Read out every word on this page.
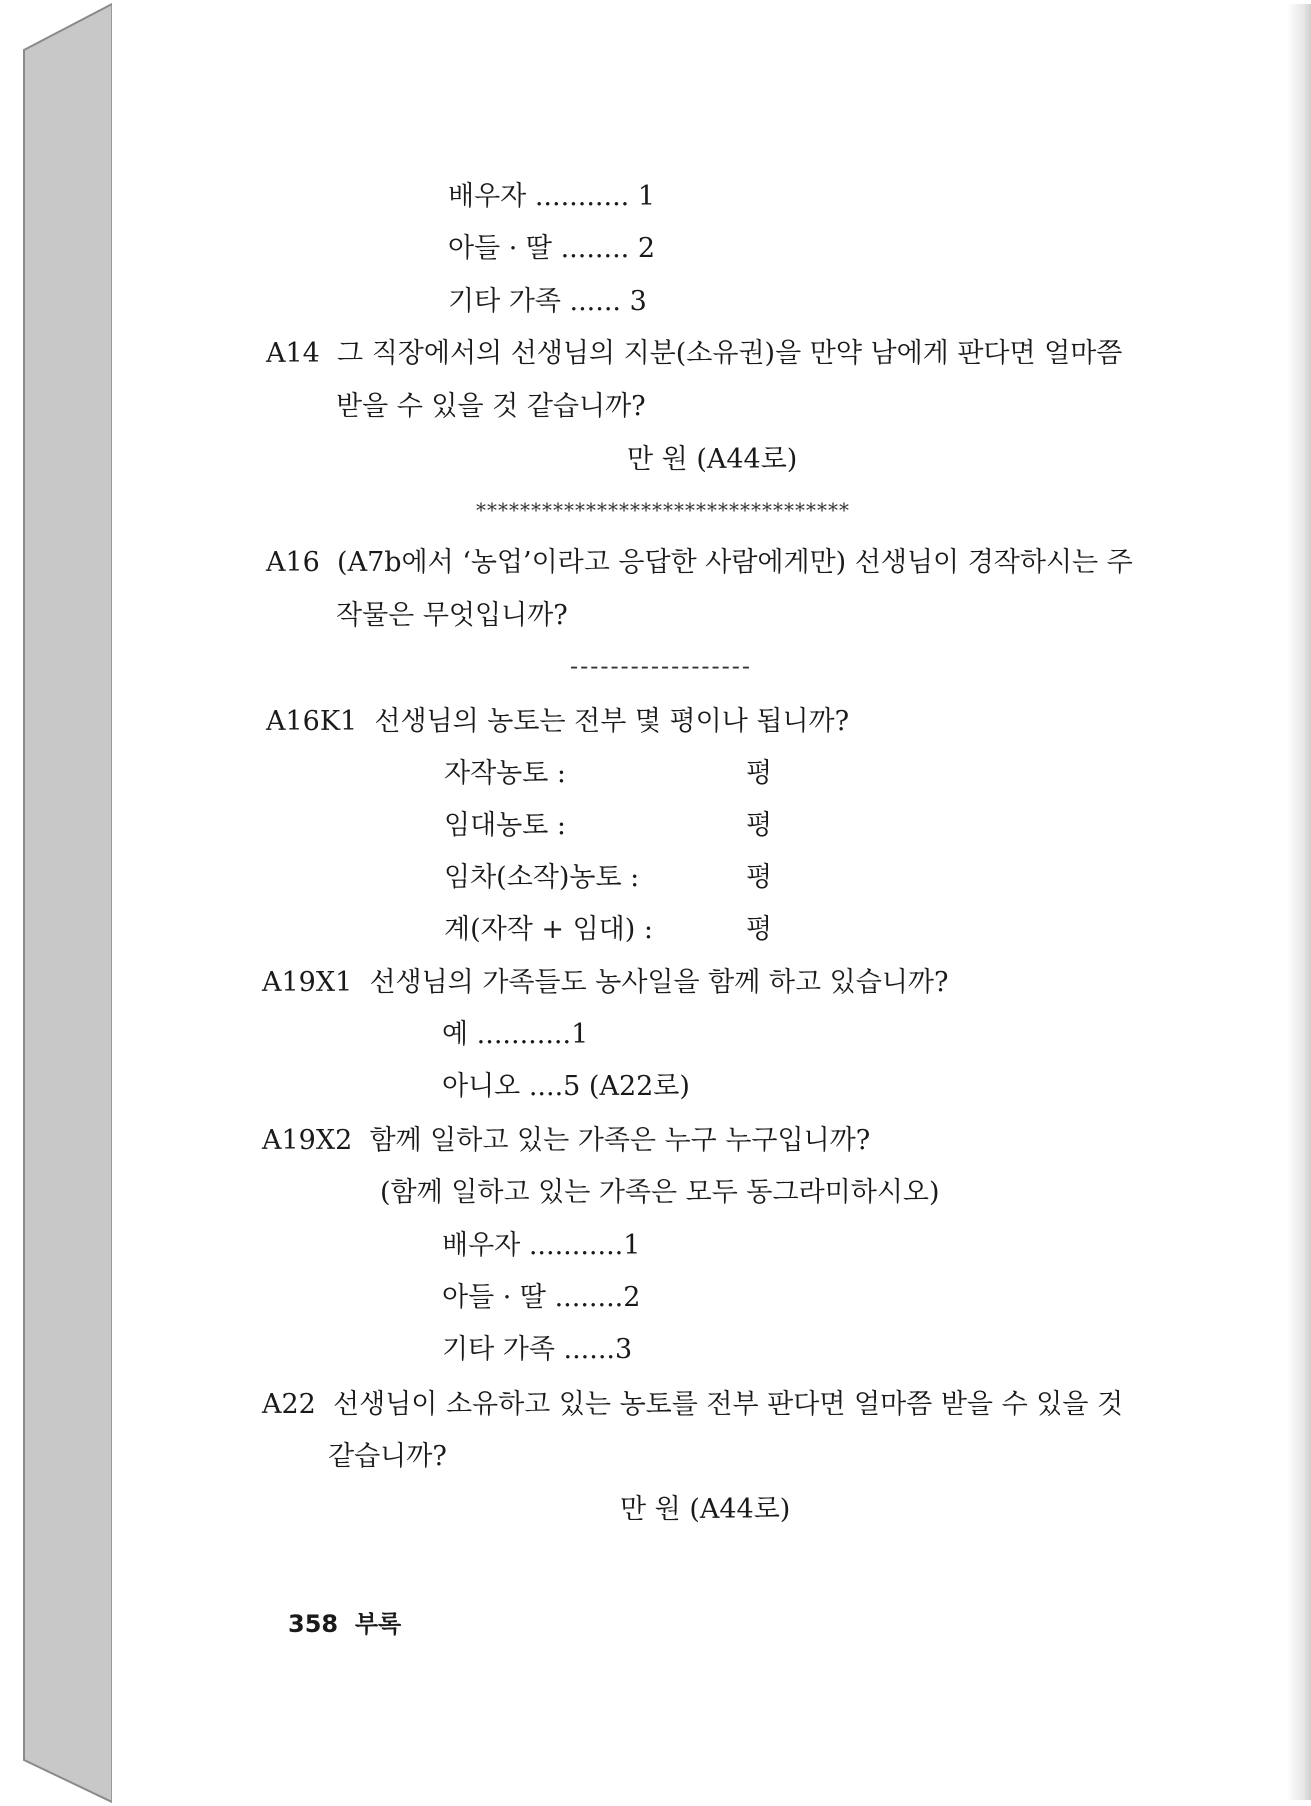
배우자 ........... 1
아들 · 딸 ........ 2
기타 가족 ...... 3
A14 그 직장에서의 선생님의 지분(소유권)을 만약 남에게 판다면 얼마쯤
받을 수 있을 것 같습니까?
만 원 (A44로)
**********************************
A16 (A7b에서 ‘농업’이라고 응답한 사람에게만) 선생님이 경작하시는 주
작물은 무엇입니까?
------------------
A16K1 선생님의 농토는 전부 몇 평이나 됩니까?
자작농토 :	평
임대농토 :	평
임차(소작)농토 :	평
계(자작 + 임대) :	평
A19X1 선생님의 가족들도 농사일을 함께 하고 있습니까?
예 ...........1
아니오 ....5 (A22로)
A19X2 함께 일하고 있는 가족은 누구 누구입니까?
(함께 일하고 있는 가족은 모두 동그라미하시오)
배우자 ...........1
아들 · 딸 ........2
기타 가족 ......3
A22 선생님이 소유하고 있는 농토를 전부 판다면 얼마쯤 받을 수 있을 것
같습니까?
만 원 (A44로)
358 부록
